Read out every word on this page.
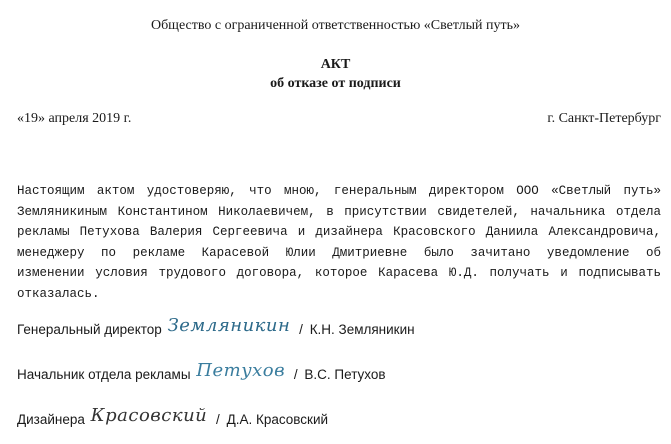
Общество с ограниченной ответственностью «Светлый путь»
АКТ
об отказе от подписи
«19» апреля 2019 г.	г. Санкт-Петербург
Настоящим актом удостоверяю, что мною, генеральным директором ООО «Светлый путь»
Земляникиным Константином Николаевичем, в присутствии свидетелей, начальника отдела
рекламы Петухова Валерия Сергеевича и дизайнера Красовского Даниила Александровича,
менеджеру по рекламе Карасевой Юлии Дмитриевне было зачитано уведомление об
изменении условия трудового договора, которое Карасева Ю.Д. получать и подписывать
отказалась.
Генеральный директор Земляникин / К.Н. Земляникин
Начальник отдела рекламы Петухов / В.С. Петухов
Дизайнера Красовский / Д.А. Красовский
